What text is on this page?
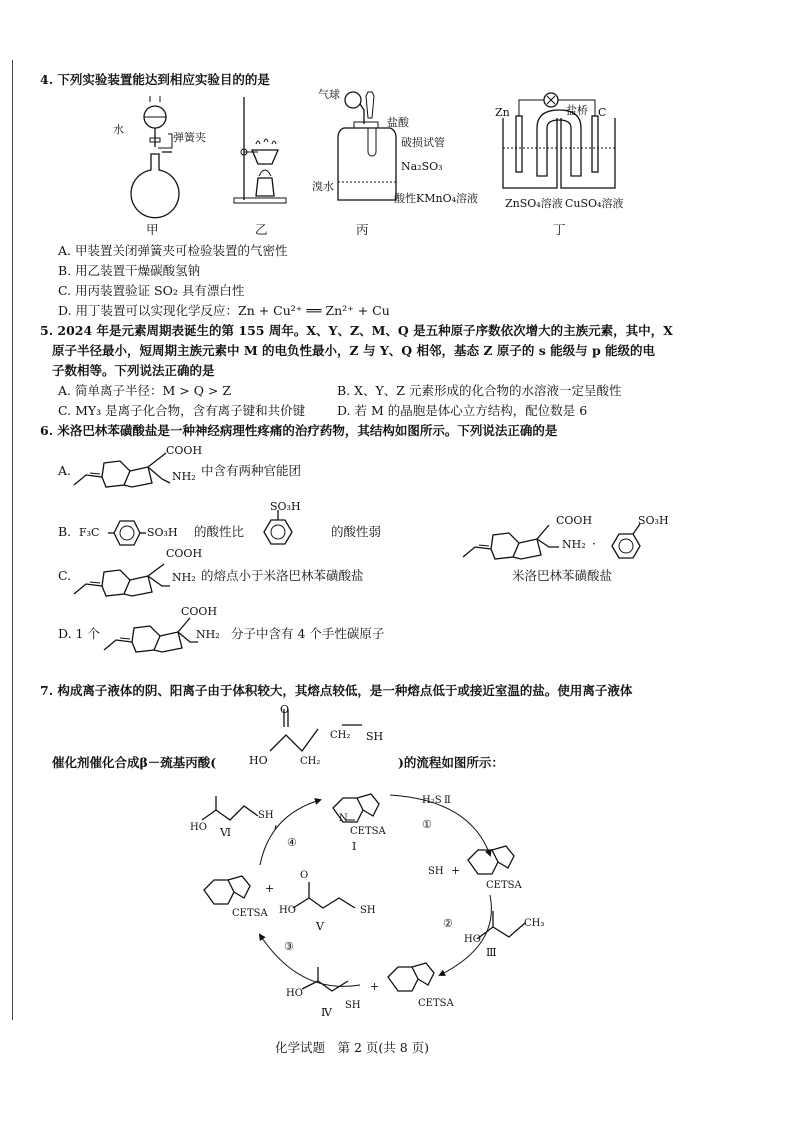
4. 下列实验装置能达到相应实验目的的是
水
弹簧夹
甲	乙
气球
盐酸
破损试管
Na₂SO₃
溴水
酸性KMnO₄溶液
丙
Zn	盐桥 C
ZnSO₄溶液 CuSO₄溶液
丁
A. 甲装置关闭弹簧夹可检验装置的气密性
B. 用乙装置干燥碳酸氢钠
C. 用丙装置验证 SO₂ 具有漂白性
D. 用丁装置可以实现化学反应：Zn + Cu²⁺ ══ Zn²⁺ + Cu
5. 2024 年是元素周期表诞生的第 155 周年。X、Y、Z、M、Q 是五种原子序数依次增大的主族元素，其中，X
原子半径最小，短周期主族元素中 M 的电负性最小，Z 与 Y、Q 相邻，基态 Z 原子的 s 能级与 p 能级的电
子数相等。下列说法正确的是
A. 简单离子半径：M > Q > Z	B. X、Y、Z 元素形成的化合物的水溶液一定呈酸性
C. MY₃ 是离子化合物，含有离子键和共价键	D. 若 M 的晶胞是体心立方结构，配位数是 6
6. 米洛巴林苯磺酸盐是一种神经病理性疼痛的治疗药物，其结构如图所示。下列说法正确的是
COOH
NH₂
A.	中含有两种官能团
B. F₃C	SO₃H 的酸性比
SO₃H
的酸性弱
COOH
NH₂ ·
SO₃H
米洛巴林苯磺酸盐
C.
COOH
NH₂ 的熔点小于米洛巴林苯磺酸盐
D. 1 个
COOH
NH₂ 分子中含有 4 个手性碳原子
7. 构成离子液体的阴、阳离子由于体积较大，其熔点较低，是一种熔点低于或接近室温的盐。使用离子液体
O
HO	CH₂
CH₂ SH
催化剂催化合成β－巯基丙酸(	)的流程如图所示：
N
CETSA
Ⅰ
HO
SH
Ⅵ
H₂S Ⅱ
①
SH +
CETSA
②
HO
CH₃
Ⅲ
HO
SH
Ⅳ
+
CETSA
③
CETSA
+
O
HO	SH
Ⅴ
④
化学试题　第 2 页(共 8 页)
